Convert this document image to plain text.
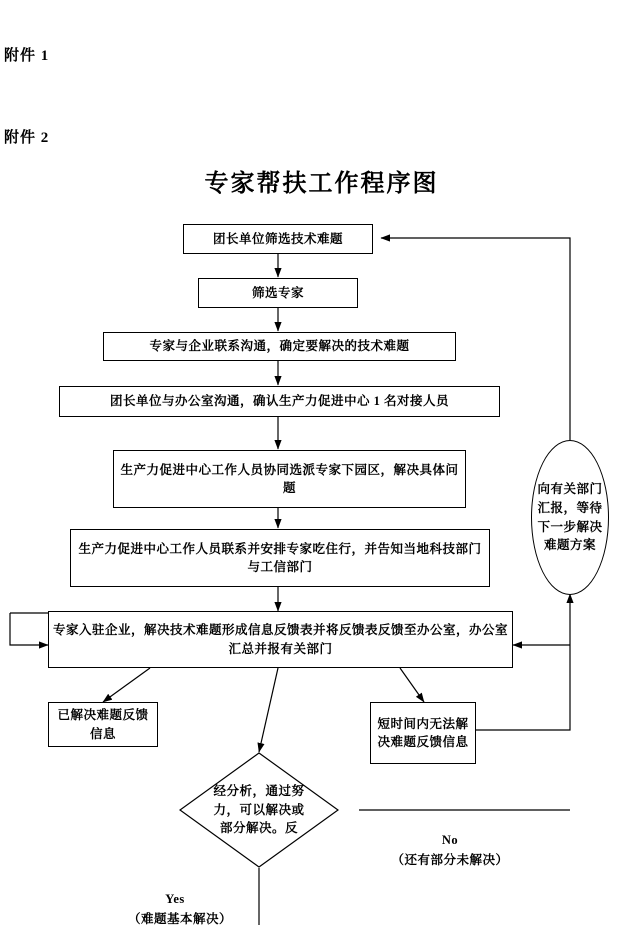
附件 1
附件 2
专家帮扶工作程序图
团长单位筛选技术难题
筛选专家
专家与企业联系沟通，确定要解决的技术难题
团长单位与办公室沟通，确认生产力促进中心 1 名对接人员
生产力促进中心工作人员协同选派专家下园区，解决具体问题
生产力促进中心工作人员联系并安排专家吃住行，并告知当地科技部门与工信部门
专家入驻企业，解决技术难题形成信息反馈表并将反馈表反馈至办公室，办公室汇总并报有关部门
已解决难题反馈信息
短时间内无法解决难题反馈信息
向有关部门汇报，等待下一步解决难题方案
经分析，通过努力，可以解决或部分解决。反
No
（还有部分未解决）
Yes
（难题基本解决）
